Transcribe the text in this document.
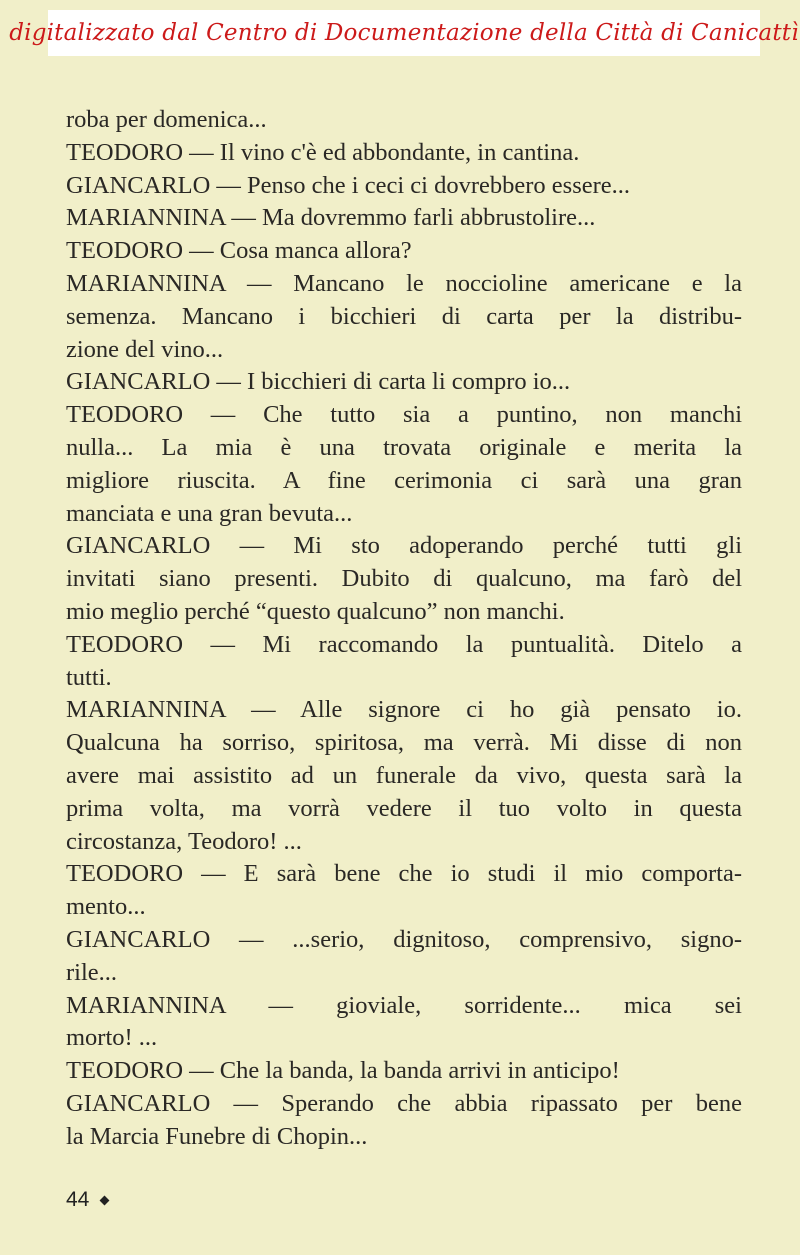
digitalizzato dal Centro di Documentazione della Città di Canicattì
roba per domenica...
TEODORO — Il vino c'è ed abbondante, in cantina.
GIANCARLO — Penso che i ceci ci dovrebbero essere...
MARIANNINA — Ma dovremmo farli abbrustolire...
TEODORO — Cosa manca allora?
MARIANNINA — Mancano le noccioline americane e la
semenza. Mancano i bicchieri di carta per la distribu-
zione del vino...
GIANCARLO — I bicchieri di carta li compro io...
TEODORO — Che tutto sia a puntino, non manchi
nulla... La mia è una trovata originale e merita la
migliore riuscita. A fine cerimonia ci sarà una gran
manciata e una gran bevuta...
GIANCARLO — Mi sto adoperando perché tutti gli
invitati siano presenti. Dubito di qualcuno, ma farò del
mio meglio perché “questo qualcuno” non manchi.
TEODORO — Mi raccomando la puntualità. Ditelo a
tutti.
MARIANNINA — Alle signore ci ho già pensato io.
Qualcuna ha sorriso, spiritosa, ma verrà. Mi disse di non
avere mai assistito ad un funerale da vivo, questa sarà la
prima volta, ma vorrà vedere il tuo volto in questa
circostanza, Teodoro! ...
TEODORO — E sarà bene che io studi il mio comporta-
mento...
GIANCARLO — ...serio, dignitoso, comprensivo, signo-
rile...
MARIANNINA — gioviale, sorridente... mica sei
morto! ...
TEODORO — Che la banda, la banda arrivi in anticipo!
GIANCARLO — Sperando che abbia ripassato per bene
la Marcia Funebre di Chopin...
44
